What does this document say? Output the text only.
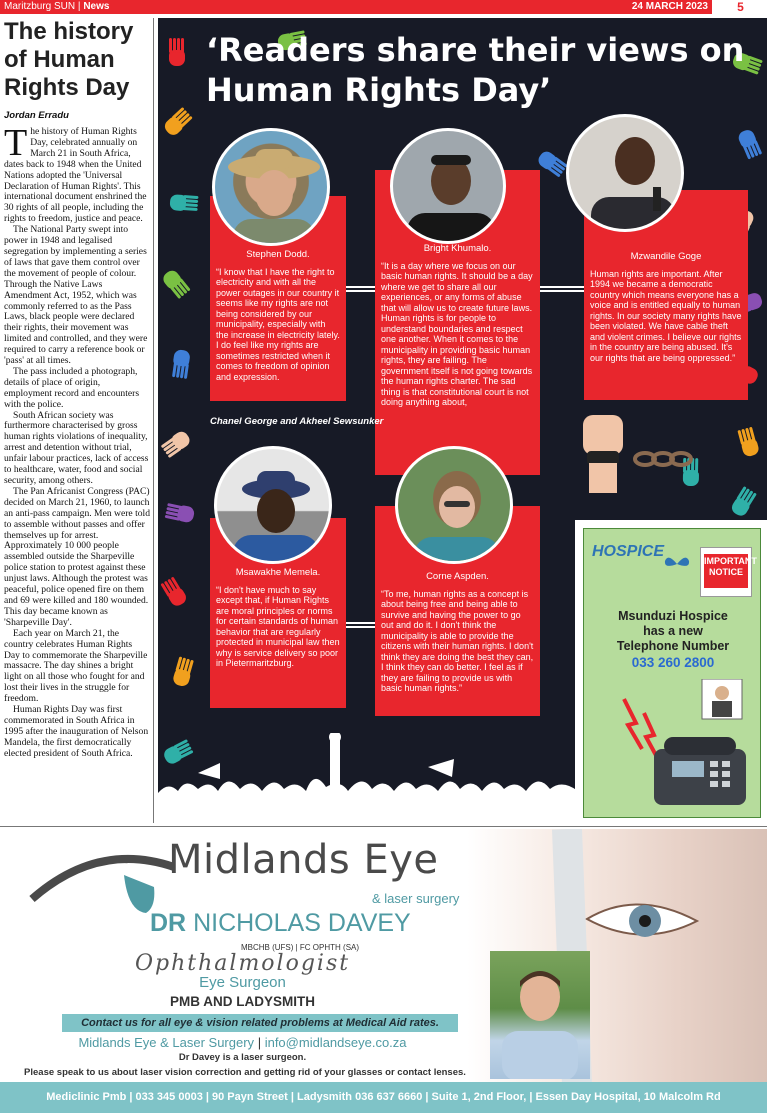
Maritzburg SUN | News	24 MARCH 2023	5
The history of Human Rights Day
Jordan Erradu

The history of Human Rights Day, celebrated annually on March 21 in South Africa, dates back to 1948 when the United Nations adopted the 'Universal Declaration of Human Rights'. This international document enshrined the 30 rights of all people, including the rights to freedom, justice and peace.

The National Party swept into power in 1948 and legalised segregation by implementing a series of laws that gave them control over the movement of people of colour. Through the Native Laws Amendment Act, 1952, which was commonly referred to as the Pass Laws, black people were declared their rights, their movement was limited and controlled, and they were required to carry a reference book or 'pass' at all times.

The pass included a photograph, details of place of origin, employment record and encounters with the police.

South African society was furthermore characterised by gross human rights violations of inequality, arrest and detention without trial, unfair labour practices, lack of access to healthcare, water, food and social security, among others.

The Pan Africanist Congress (PAC) decided on March 21, 1960, to launch an anti-pass campaign. Men were told to assemble without passes and offer themselves up for arrest. Approximately 10 000 people assembled outside the Sharpeville police station to protest against these unjust laws. Although the protest was peaceful, police opened fire on them and 69 were killed and 180 wounded. This day became known as 'Sharpeville Day'.

Each year on March 21, the country celebrates Human Rights Day to commemorate the Sharpeville massacre. The day shines a bright light on all those who fought for and lost their lives in the struggle for freedom.

Human Rights Day was first commemorated in South Africa in 1995 after the inauguration of Nelson Mandela, the first democratically elected president of South Africa.

‘Readers share their views on Human Rights Day’
Stephen Dodd.
“I know that I have the right to electricity and with all the power outages in our country it seems like my rights are not being considered by our municipality, especially with the increase in electricity lately. I do feel like my rights are sometimes restricted when it comes to freedom of opinion and expression.
Bright Khumalo.
“It is a day where we focus on our basic human rights. It should be a day where we get to share all our experiences, or any forms of abuse that will allow us to create future laws. Human rights is for people to understand boundaries and respect one another. When it comes to the municipality in providing basic human rights, they are failing. The government itself is not going towards the human rights charter. The sad thing is that constitutional court is not doing anything about,
Mzwandile Goge
Human rights are important. After 1994 we became a democratic country which means everyone has a voice and is entitled equally to human rights. In our society many rights have been violated. We have cable theft and violent crimes. I believe our rights in the country are being abused. It's our rights that are being oppressed.”
Chanel George and Akheel Sewsunker
Msawakhe Memela.
“I don't have much to say except that, if Human Rights are moral principles or norms for certain standards of human behavior that are regularly protected in municipal law then why is service delivery so poor in Pietermaritzburg.
Corne Aspden.
“To me, human rights as a concept is about being free and being able to survive and having the power to go out and do it. I don't think the municipality is able to provide the citizens with their human rights. I don't think they are doing the best they can, I think they can do better. I feel as if they are failing to provide us with basic human rights.”
HOSPICE
IMPORTANT NOTICE
Msunduzi Hospice
has a new
Telephone Number
033 260 2800
Midlands Eye
& laser surgery
DR NICHOLAS DAVEY
MBCHB (UFS) | FC OPHTH (SA)
Ophthalmologist
Eye Surgeon
PMB AND LADYSMITH
Contact us for all eye & vision related problems at Medical Aid rates.
Midlands Eye & Laser Surgery | info@midlandseye.co.za
Dr Davey is a laser surgeon.
Please speak to us about laser vision correction and getting rid of your glasses or contact lenses.
Mediclinic Pmb | 033 345 0003 | 90 Payn Street | Ladysmith 036 637 6660 | Suite 1, 2nd Floor, | Essen Day Hospital, 10 Malcolm Rd
